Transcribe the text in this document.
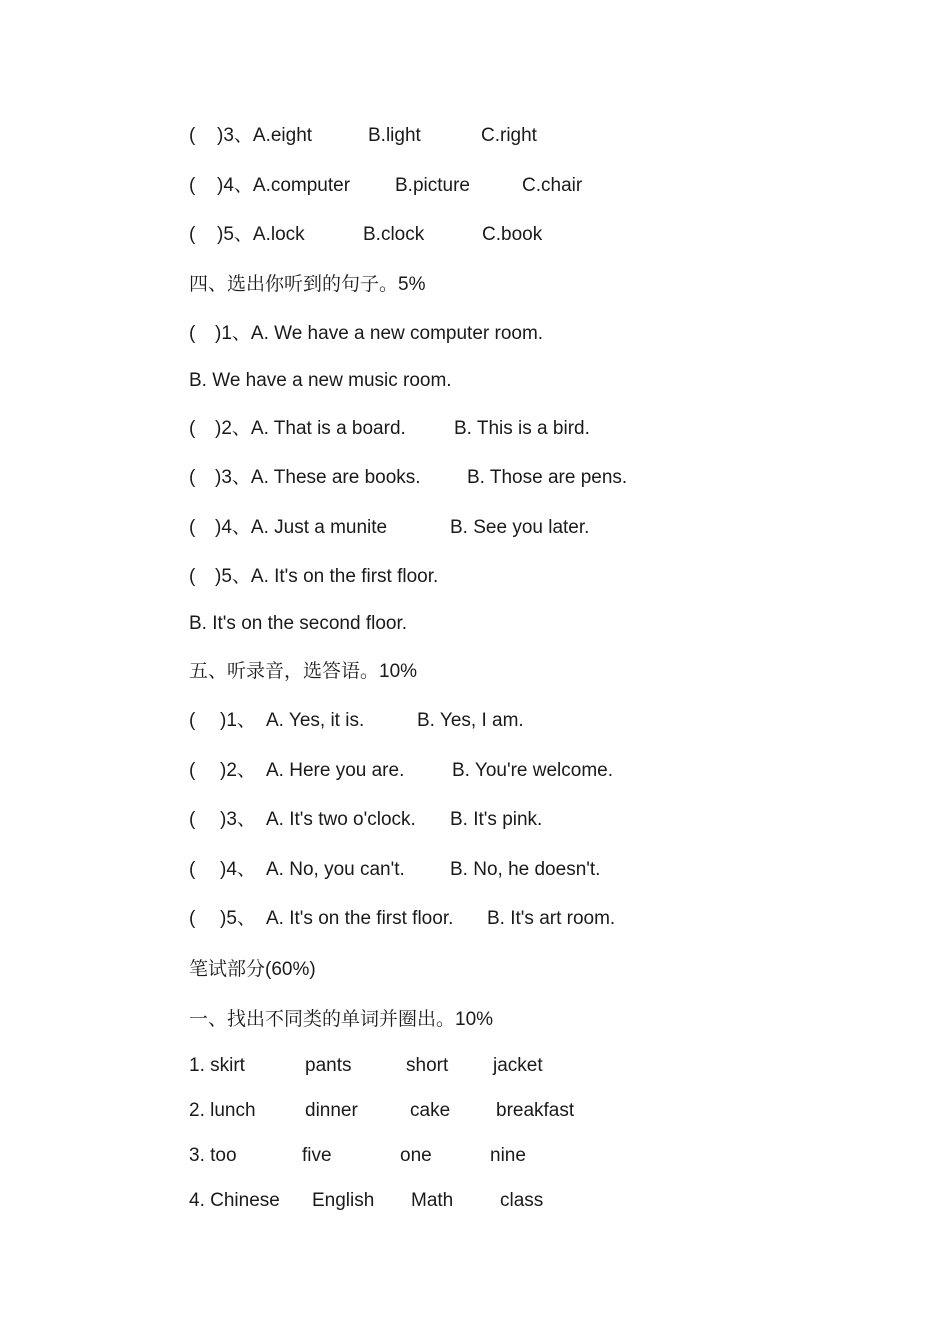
( )3、A.eight	B.light	C.right
( )4、A.computer B.picture	C.chair
( )5、A.lock	B.clock	C.book
四、选出你听到的句子。5%
( )1、A. We have a new computer room.
B. We have a new music room.
( )2、A. That is a board.	B. This is a bird.
( )3、A. These are books. B. Those are pens.
( )4、A. Just a munite	B. See you later.
( )5、A. It's on the first floor.
B. It's on the second floor.
五、听录音，选答语。10%
( )1、 A. Yes, it is.	B. Yes, I am.
( )2、 A. Here you are.	B. You're welcome.
( )3、 A. It's two o'clock. B. It's pink.
( )4、 A. No, you can't. B. No, he doesn't.
( )5、 A. It's on the first floor. B. It's art room.
笔试部分(60%)
一、找出不同类的单词并圈出。10%
1. skirt	pants	short jacket
2. lunch	dinner	cake breakfast
3. too	five	one	nine
4. Chinese English Math class
